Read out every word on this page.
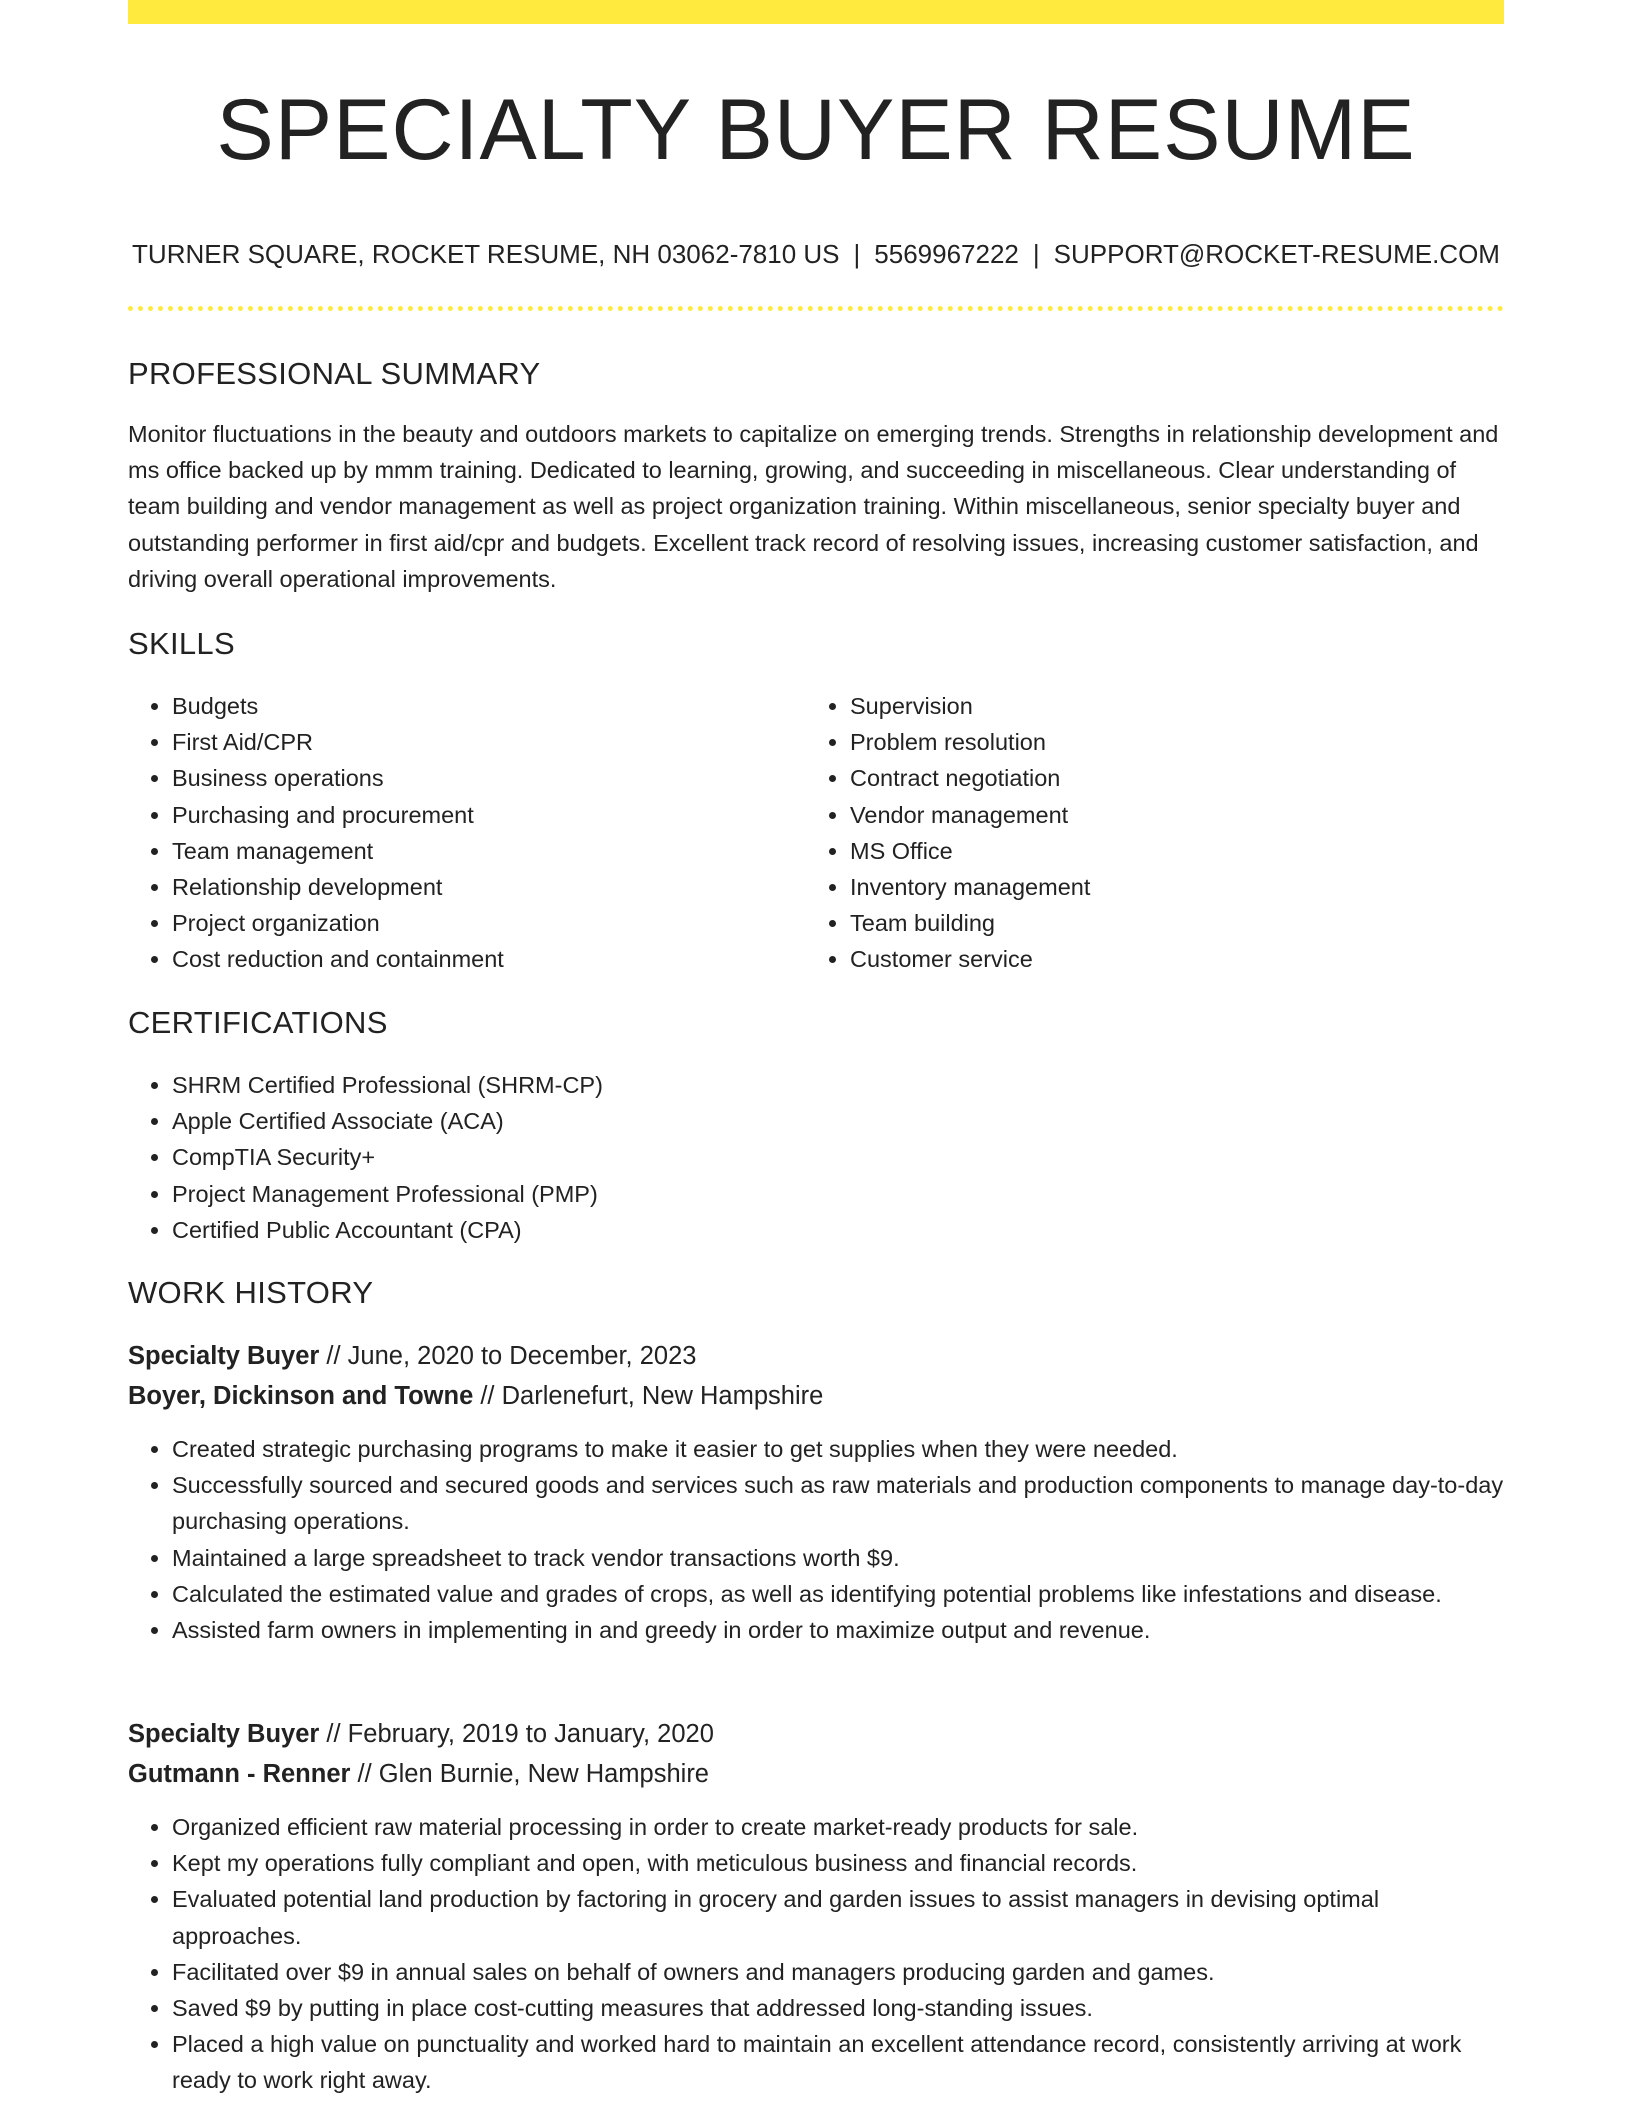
SPECIALTY BUYER RESUME
TURNER SQUARE, ROCKET RESUME, NH 03062-7810 US | 5569967222 | SUPPORT@ROCKET-RESUME.COM
PROFESSIONAL SUMMARY
Monitor fluctuations in the beauty and outdoors markets to capitalize on emerging trends. Strengths in relationship development and ms office backed up by mmm training. Dedicated to learning, growing, and succeeding in miscellaneous. Clear understanding of team building and vendor management as well as project organization training. Within miscellaneous, senior specialty buyer and outstanding performer in first aid/cpr and budgets. Excellent track record of resolving issues, increasing customer satisfaction, and driving overall operational improvements.
SKILLS
• Budgets
• First Aid/CPR
• Business operations
• Purchasing and procurement
• Team management
• Relationship development
• Project organization
• Cost reduction and containment
• Supervision
• Problem resolution
• Contract negotiation
• Vendor management
• MS Office
• Inventory management
• Team building
• Customer service
CERTIFICATIONS
• SHRM Certified Professional (SHRM-CP)
• Apple Certified Associate (ACA)
• CompTIA Security+
• Project Management Professional (PMP)
• Certified Public Accountant (CPA)
WORK HISTORY
Specialty Buyer // June, 2020 to December, 2023
Boyer, Dickinson and Towne // Darlenefurt, New Hampshire
• Created strategic purchasing programs to make it easier to get supplies when they were needed.
• Successfully sourced and secured goods and services such as raw materials and production components to manage day-to-day purchasing operations.
• Maintained a large spreadsheet to track vendor transactions worth $9.
• Calculated the estimated value and grades of crops, as well as identifying potential problems like infestations and disease.
• Assisted farm owners in implementing in and greedy in order to maximize output and revenue.
Specialty Buyer // February, 2019 to January, 2020
Gutmann - Renner // Glen Burnie, New Hampshire
• Organized efficient raw material processing in order to create market-ready products for sale.
• Kept my operations fully compliant and open, with meticulous business and financial records.
• Evaluated potential land production by factoring in grocery and garden issues to assist managers in devising optimal approaches.
• Facilitated over $9 in annual sales on behalf of owners and managers producing garden and games.
• Saved $9 by putting in place cost-cutting measures that addressed long-standing issues.
• Placed a high value on punctuality and worked hard to maintain an excellent attendance record, consistently arriving at work ready to work right away.
